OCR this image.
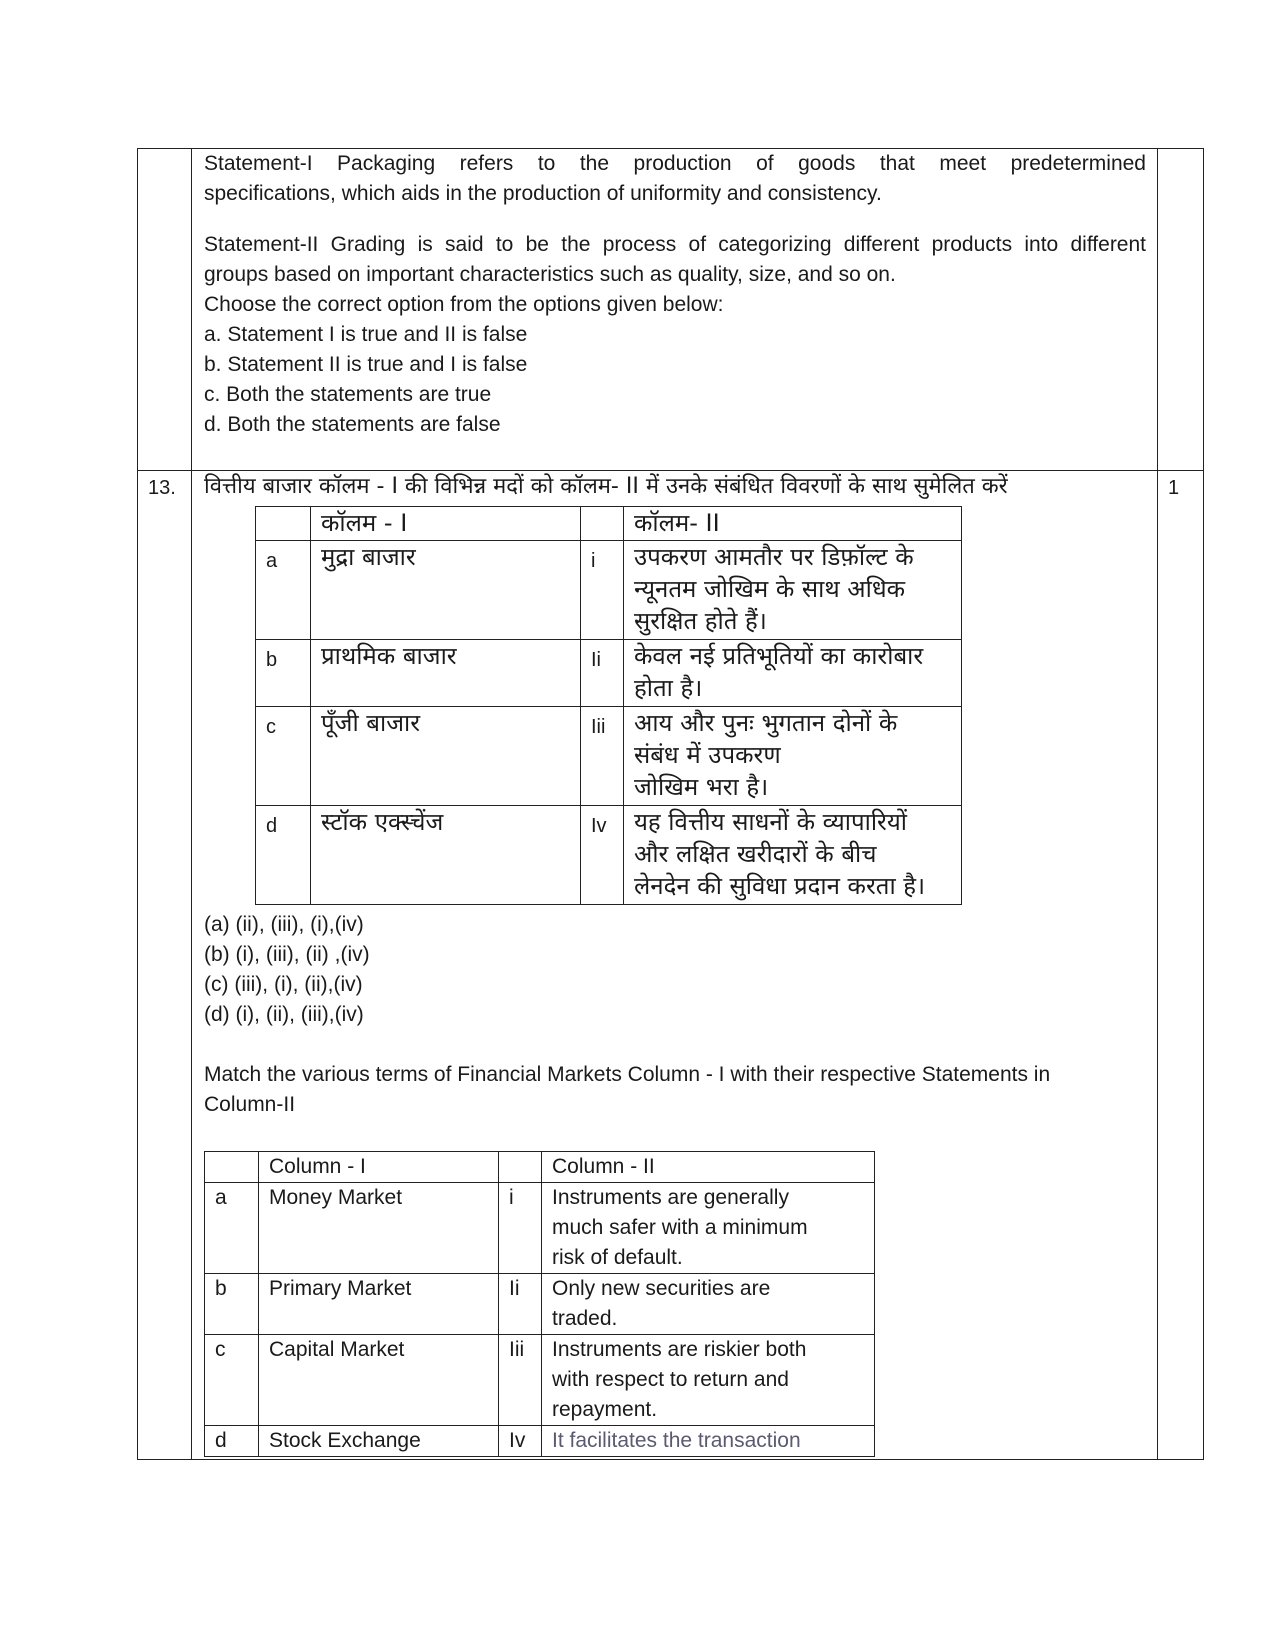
Statement-I Packaging refers to the production of goods that meet predetermined
specifications, which aids in the production of uniformity and consistency.
Statement-II Grading is said to be the process of categorizing different products into different
groups based on important characteristics such as quality, size, and so on.
Choose the correct option from the options given below:
a. Statement I is true and II is false
b. Statement II is true and I is false
c. Both the statements are true
d. Both the statements are false
13.	1
वित्तीय बाजार कॉलम - I की विभिन्न मदों को कॉलम- II में उनके संबंधित विवरणों के साथ सुमेलित करें
	कॉलम - I		कॉलम- II
a	मुद्रा बाजार	i	उपकरण आमतौर पर डिफ़ॉल्ट के
न्यूनतम जोखिम के साथ अधिक
सुरक्षित होते हैं।

b	प्राथमिक बाजार	Ii	केवल नई प्रतिभूतियों का कारोबार
होता है।

c	पूँजी बाजार	Iii	आय और पुनः भुगतान दोनों के
संबंध में उपकरण
जोखिम भरा है।

d	स्टॉक एक्स्चेंज	Iv	यह वित्तीय साधनों के व्यापारियों
और लक्षित खरीदारों के बीच
लेनदेन की सुविधा प्रदान करता है।
(a) (ii), (iii), (i),(iv)
(b) (i), (iii), (ii) ,(iv)
(c) (iii), (i), (ii),(iv)
(d) (i), (ii), (iii),(iv)
Match the various terms of Financial Markets Column - I with their respective Statements in
Column-II
	Column - I		Column - II
a	Money Market	i	Instruments are generally
much safer with a minimum
risk of default.

b	Primary Market	Ii	Only new securities are
traded.

c	Capital Market	Iii	Instruments are riskier both
with respect to return and
repayment.

d	Stock Exchange	Iv	It facilitates the transaction
